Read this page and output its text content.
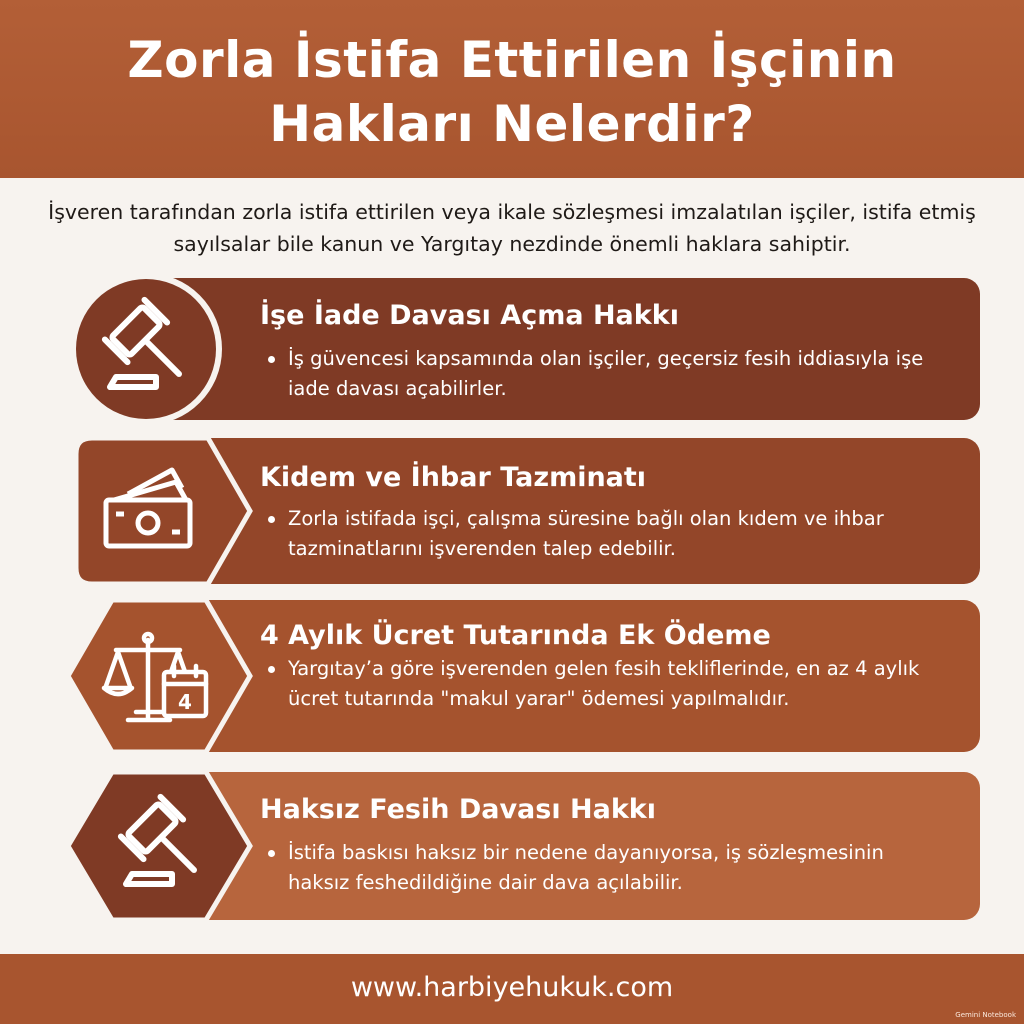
Zorla İstifa Ettirilen İşçinin
Hakları Nelerdir?
İşveren tarafından zorla istifa ettirilen veya ikale sözleşmesi imzalatılan işçiler, istifa etmiş sayılsalar bile kanun ve Yargıtay nezdinde önemli haklara sahiptir.
İşe İade Davası Açma Hakkı
İş güvencesi kapsamında olan işçiler, geçersiz fesih iddiasıyla işe iade davası açabilirler.
Kidem ve İhbar Tazminatı
Zorla istifada işçi, çalışma süresine bağlı olan kıdem ve ihbar tazminatlarını işverenden talep edebilir.
4
4 Aylık Ücret Tutarında Ek Ödeme
Yargıtay’a göre işverenden gelen fesih tekliflerinde, en az 4 aylık ücret tutarında "makul yarar" ödemesi yapılmalıdır.
Haksız Fesih Davası Hakkı
İstifa baskısı haksız bir nedene dayanıyorsa, iş sözleşmesinin haksız feshedildiğine dair dava açılabilir.
www.harbiyehukuk.com
Gemini Notebook
